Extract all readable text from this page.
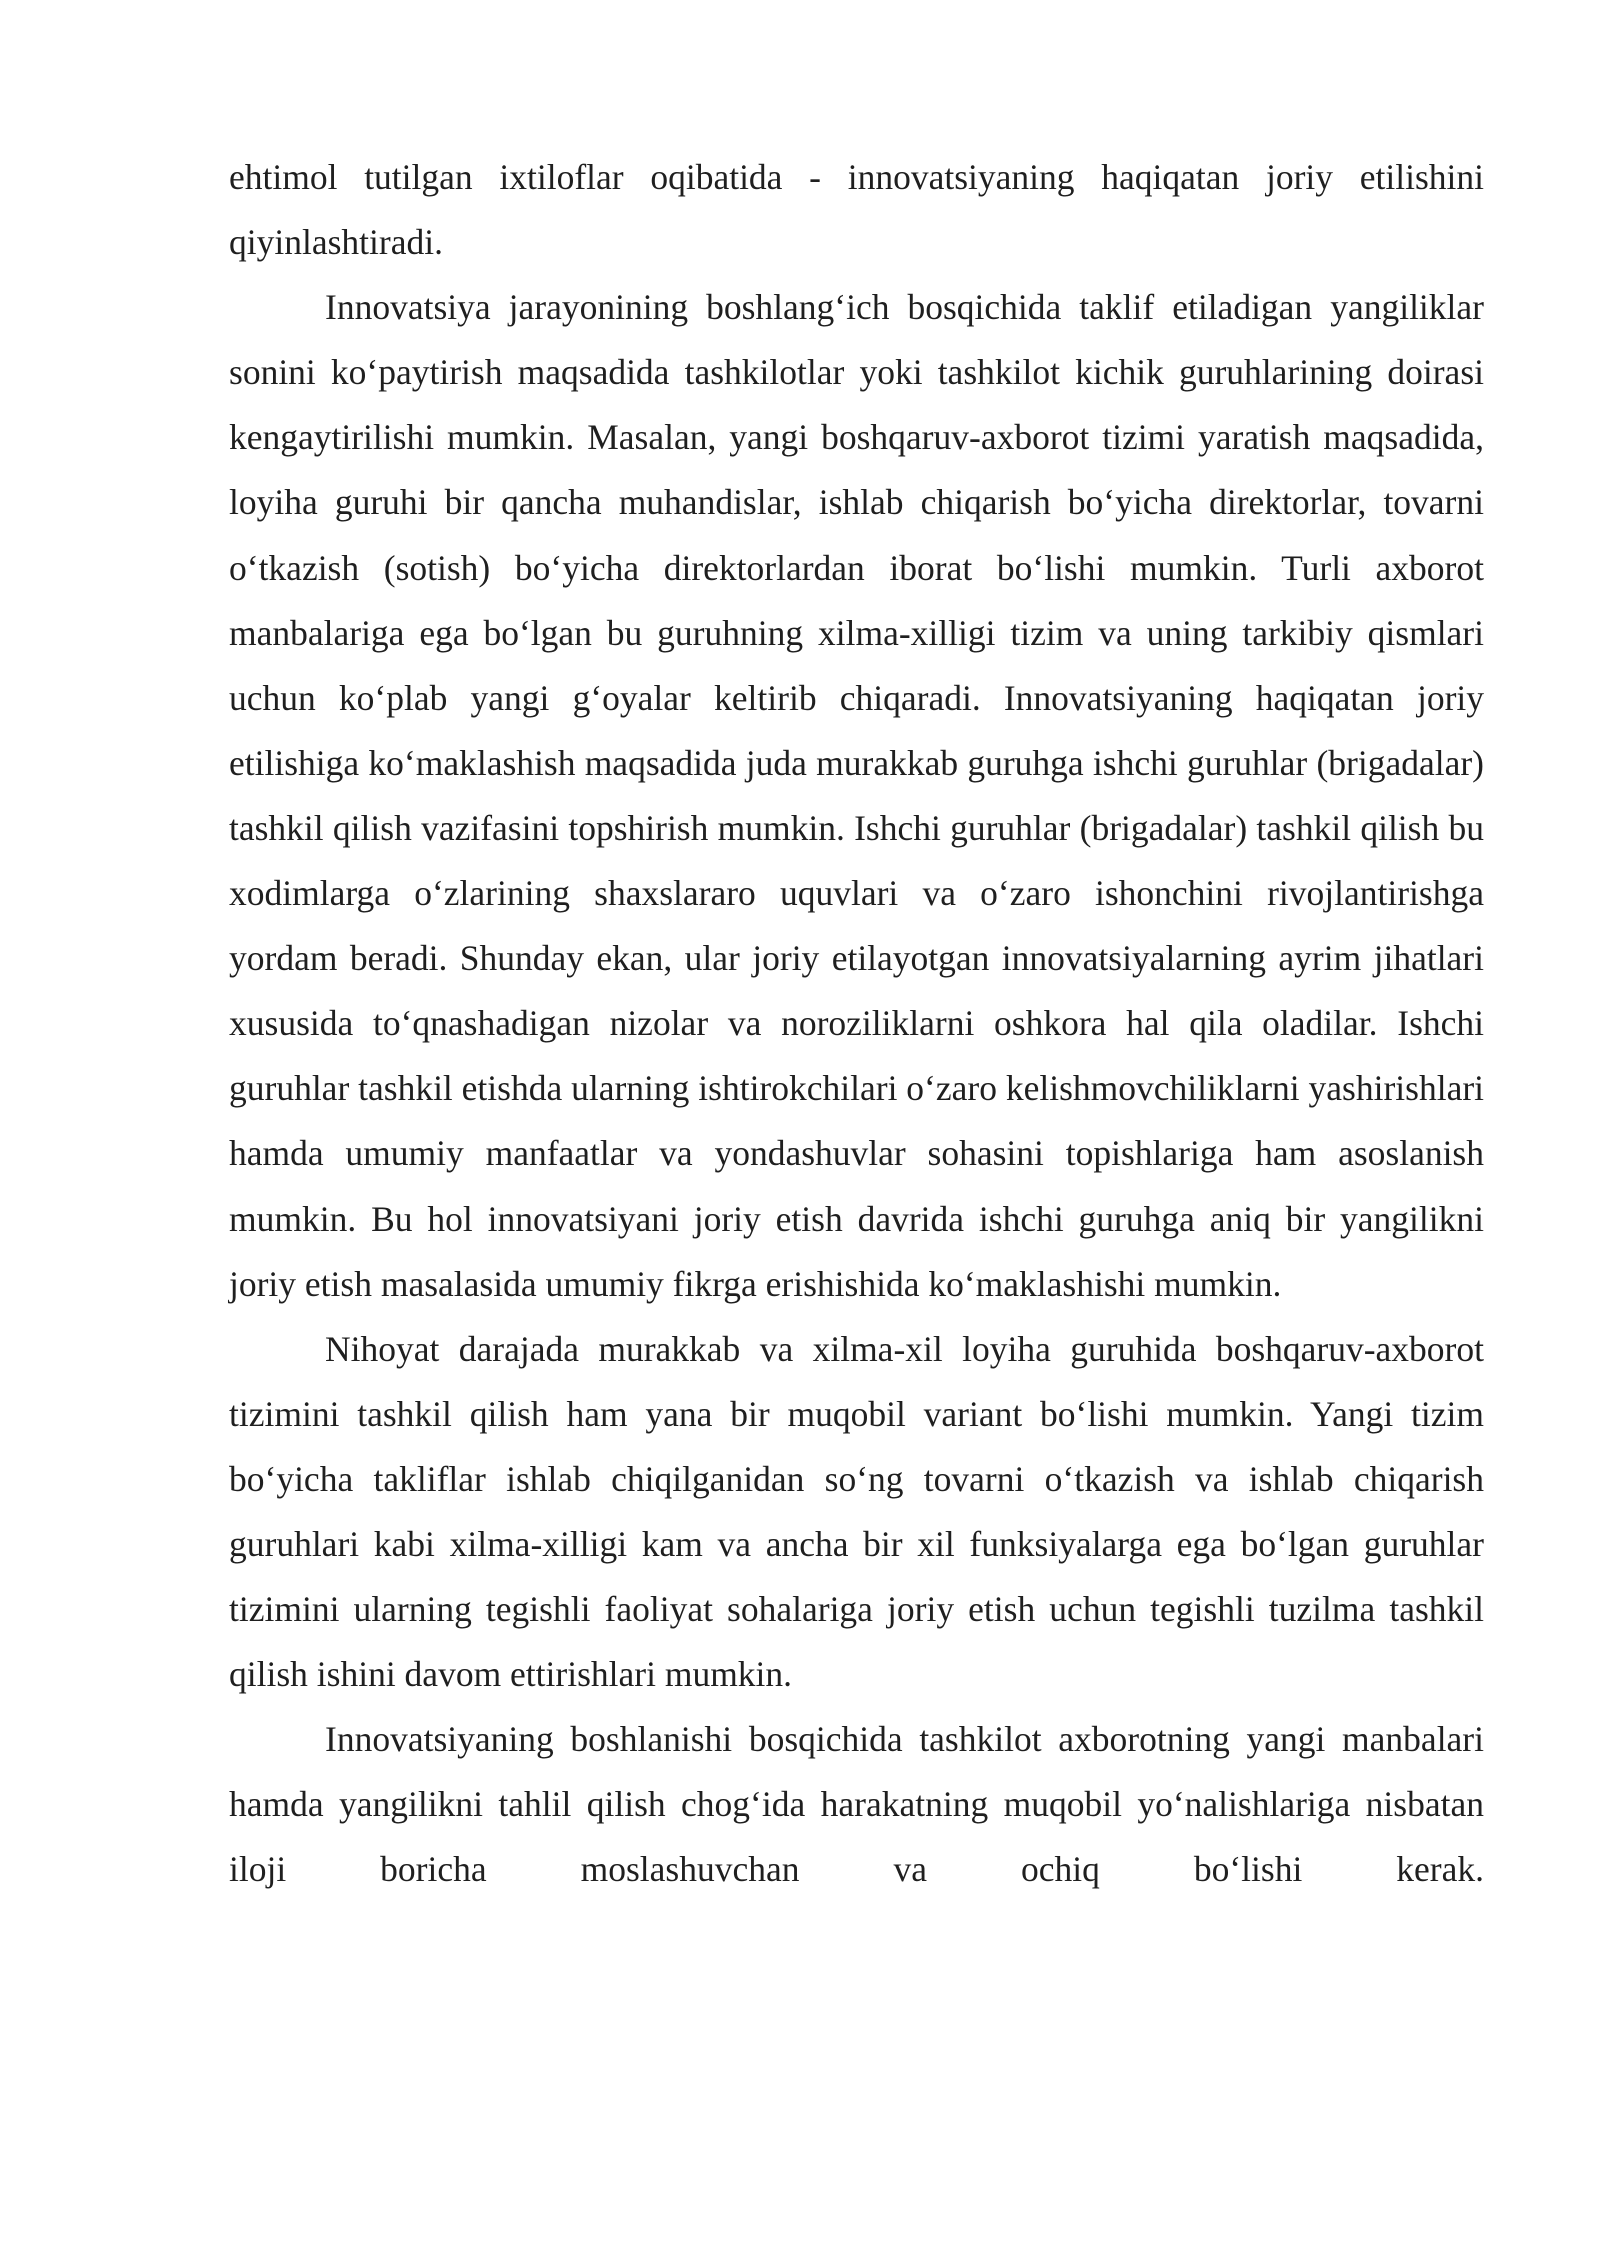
ehtimol tutilgan ixtiloflar oqibatida - innovatsiyaning haqiqatan joriy etilishini qiyinlashtiradi.

Innovatsiya jarayonining boshlang‘ich bosqichida taklif etiladigan yangiliklar sonini ko‘paytirish maqsadida tashkilotlar yoki tashkilot kichik guruhlarining doirasi kengaytirilishi mumkin. Masalan, yangi boshqaruv-axborot tizimi yaratish maqsadida, loyiha guruhi bir qancha muhandislar, ishlab chiqarish bo‘yicha direktorlar, tovarni o‘tkazish (sotish) bo‘yicha direktorlardan iborat bo‘lishi mumkin. Turli axborot manbalariga ega bo‘lgan bu guruhning xilma-xilligi tizim va uning tarkibiy qismlari uchun ko‘plab yangi g‘oyalar keltirib chiqaradi. Innovatsiyaning haqiqatan joriy etilishiga ko‘maklashish maqsadida juda murakkab guruhga ishchi guruhlar (brigadalar) tashkil qilish vazifasini topshirish mumkin. Ishchi guruhlar (brigadalar) tashkil qilish bu xodimlarga o‘zlarining shaxslararo uquvlari va o‘zaro ishonchini rivojlantirishga yordam beradi. Shunday ekan, ular joriy etilayotgan innovatsiyalarning ayrim jihatlari xususida to‘qnashadigan nizolar va noroziliklarni oshkora hal qila oladilar. Ishchi guruhlar tashkil etishda ularning ishtirokchilari o‘zaro kelishmovchiliklarni yashirishlari hamda umumiy manfaatlar va yondashuvlar sohasini topishlariga ham asoslanish mumkin. Bu hol innovatsiyani joriy etish davrida ishchi guruhga aniq bir yangilikni joriy etish masalasida umumiy fikrga erishishida ko‘maklashishi mumkin.

Nihoyat darajada murakkab va xilma-xil loyiha guruhida boshqaruv-axborot tizimini tashkil qilish ham yana bir muqobil variant bo‘lishi mumkin. Yangi tizim bo‘yicha takliflar ishlab chiqilganidan so‘ng tovarni o‘tkazish va ishlab chiqarish guruhlari kabi xilma-xilligi kam va ancha bir xil funksiyalarga ega bo‘lgan guruhlar tizimini ularning tegishli faoliyat sohalariga joriy etish uchun tegishli tuzilma tashkil qilish ishini davom ettirishlari mumkin.

Innovatsiyaning boshlanishi bosqichida tashkilot axborotning yangi manbalari hamda yangilikni tahlil qilish chog‘ida harakatning muqobil yo‘nalishlariga nisbatan iloji boricha moslashuvchan va ochiq bo‘lishi kerak.
